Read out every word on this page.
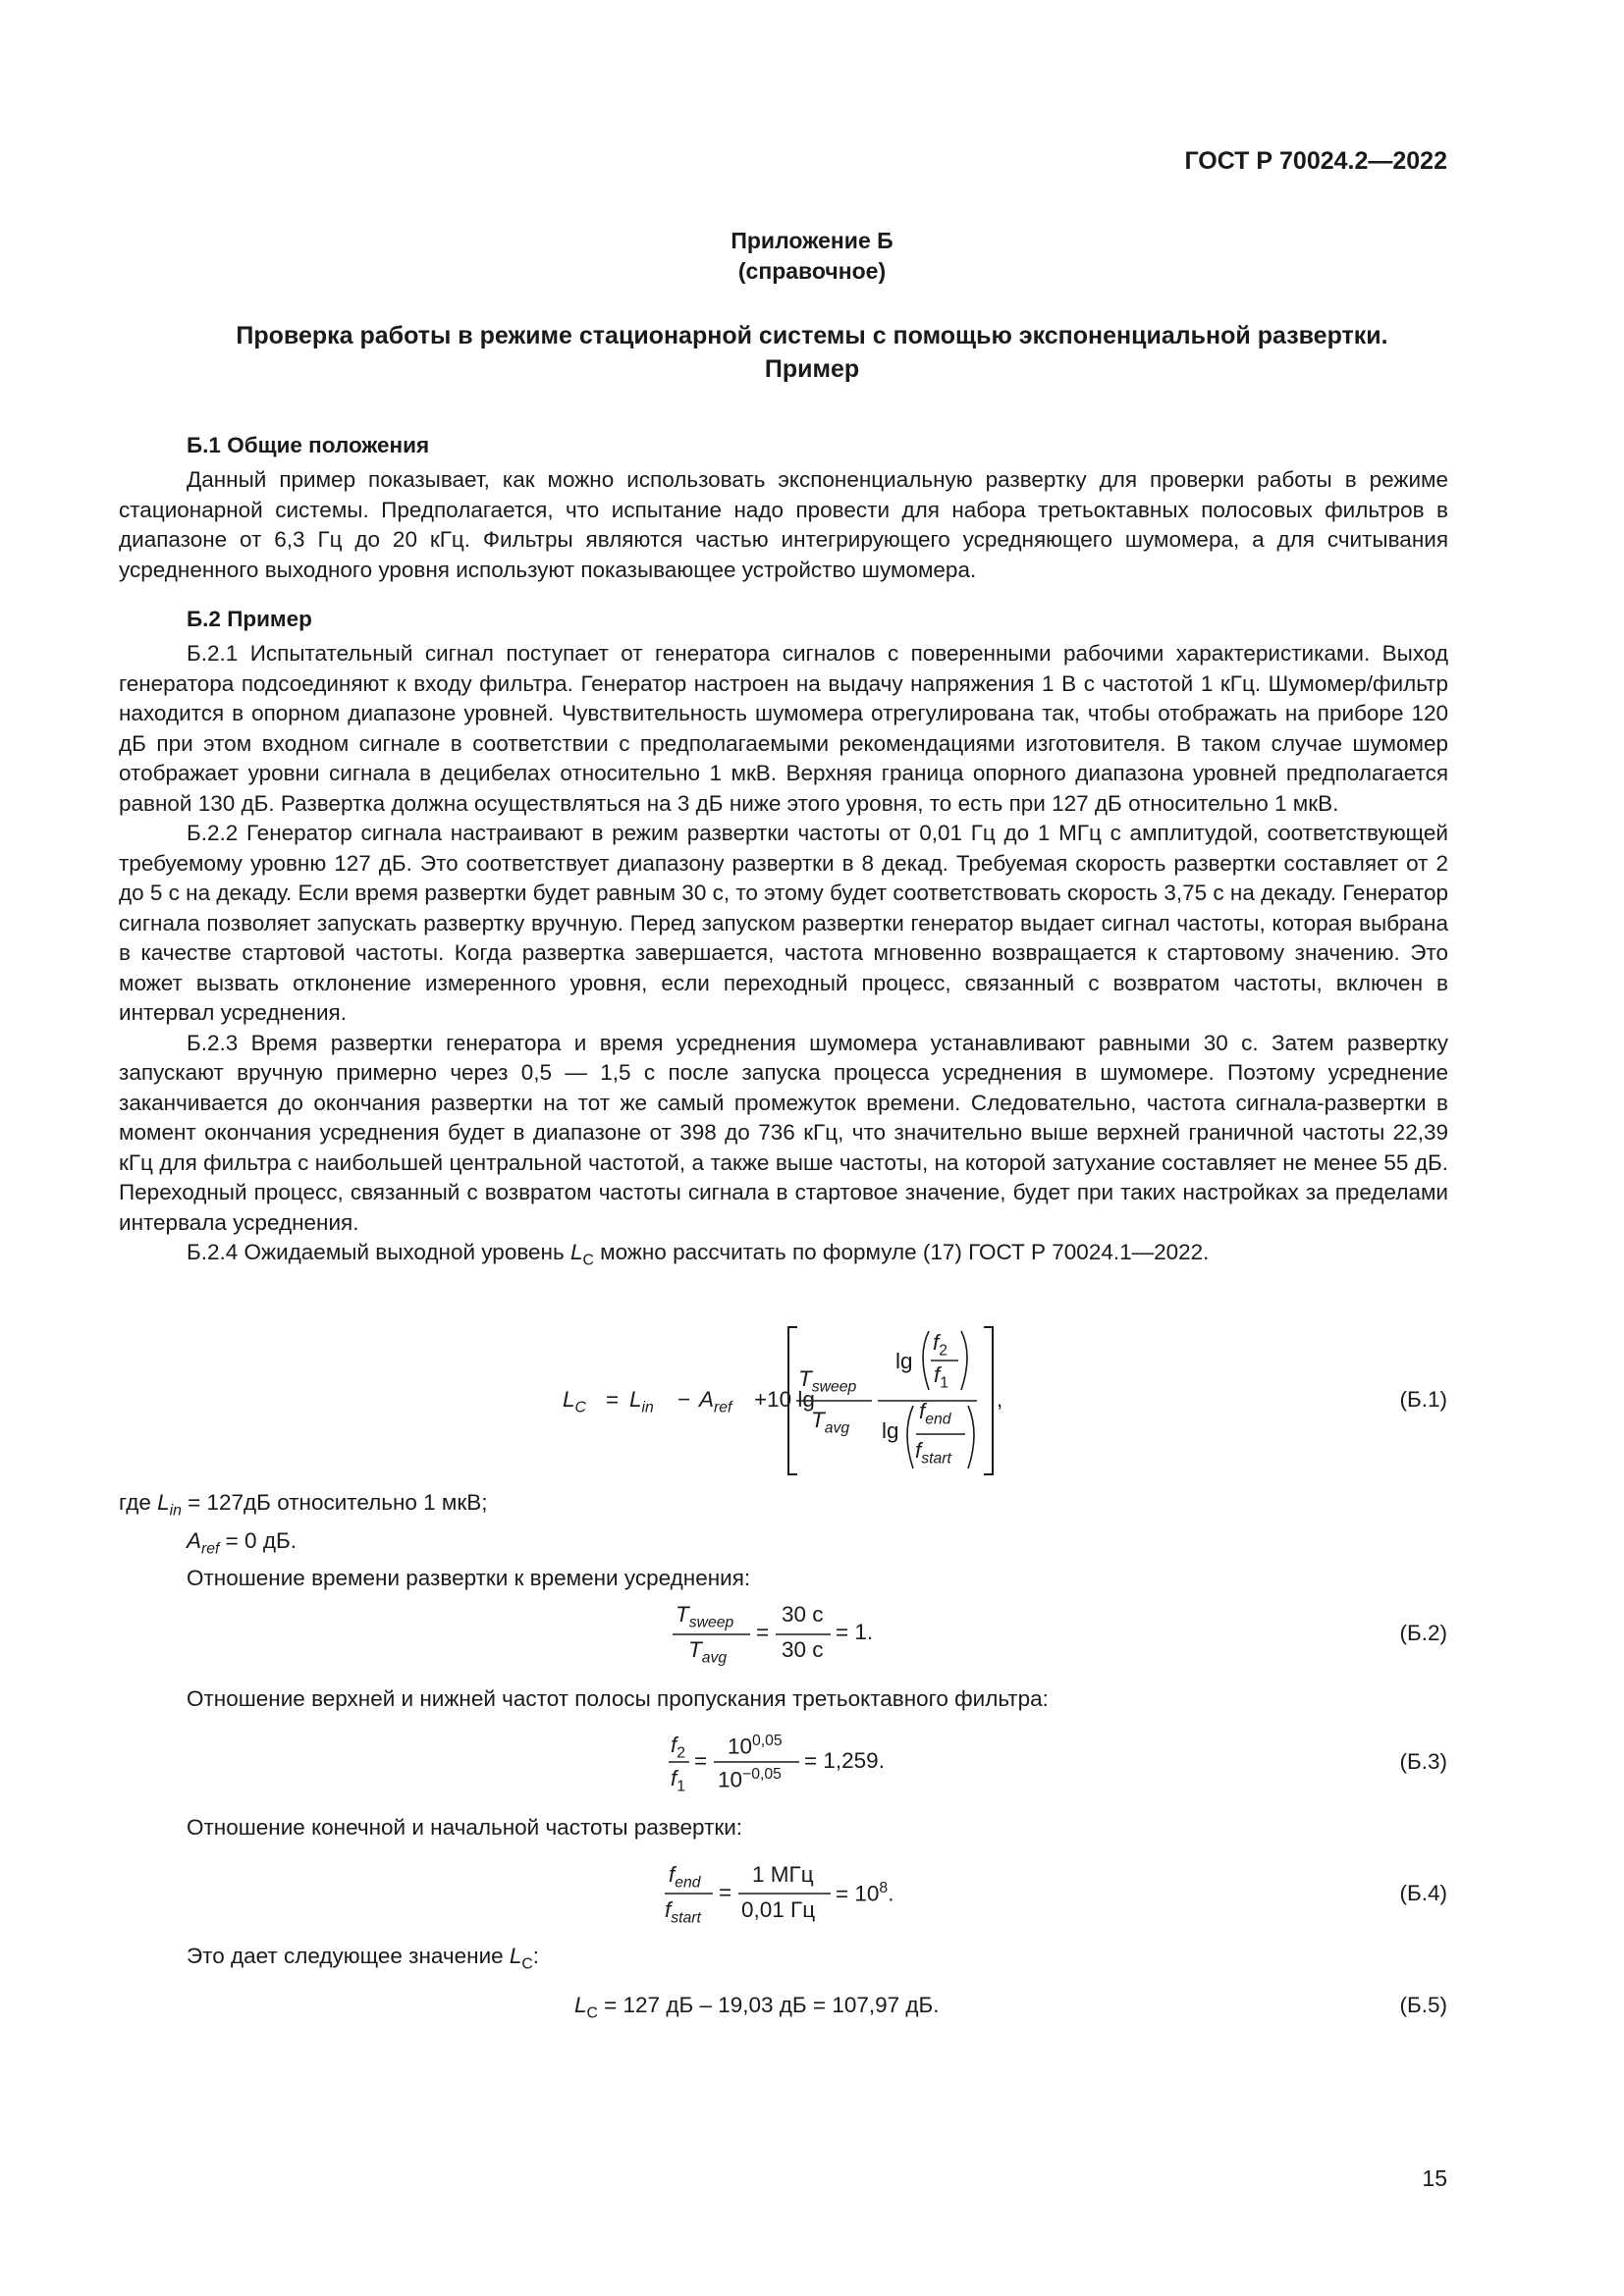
ГОСТ Р 70024.2—2022
Приложение Б
(справочное)
Проверка работы в режиме стационарной системы с помощью экспоненциальной развертки.
Пример
Б.1 Общие положения

Данный пример показывает, как можно использовать экспоненциальную развертку для проверки работы в режиме стационарной системы. Предполагается, что испытание надо провести для набора третьоктавных полосовых фильтров в диапазоне от 6,3 Гц до 20 кГц. Фильтры являются частью интегрирующего усредняющего шумомера, а для считывания усредненного выходного уровня используют показывающее устройство шумомера.

Б.2 Пример

Б.2.1 Испытательный сигнал поступает от генератора сигналов с поверенными рабочими характеристиками. Выход генератора подсоединяют к входу фильтра. Генератор настроен на выдачу напряжения 1 В с частотой 1 кГц. Шумомер/фильтр находится в опорном диапазоне уровней. Чувствительность шумомера отрегулирована так, чтобы отображать на приборе 120 дБ при этом входном сигнале в соответствии с предполагаемыми рекомендациями изготовителя. В таком случае шумомер отображает уровни сигнала в децибелах относительно 1 мкВ. Верхняя граница опорного диапазона уровней предполагается равной 130 дБ. Развертка должна осуществляться на 3 дБ ниже этого уровня, то есть при 127 дБ относительно 1 мкВ.

Б.2.2 Генератор сигнала настраивают в режим развертки частоты от 0,01 Гц до 1 МГц с амплитудой, соответствующей требуемому уровню 127 дБ. Это соответствует диапазону развертки в 8 декад. Требуемая скорость развертки составляет от 2 до 5 с на декаду. Если время развертки будет равным 30 с, то этому будет соответствовать скорость 3,75 с на декаду. Генератор сигнала позволяет запускать развертку вручную. Перед запуском развертки генератор выдает сигнал частоты, которая выбрана в качестве стартовой частоты. Когда развертка завершается, частота мгновенно возвращается к стартовому значению. Это может вызвать отклонение измеренного уровня, если переходный процесс, связанный с возвратом частоты, включен в интервал усреднения.

Б.2.3 Время развертки генератора и время усреднения шумомера устанавливают равными 30 с. Затем развертку запускают вручную примерно через 0,5 — 1,5 с после запуска процесса усреднения в шумомере. Поэтому усреднение заканчивается до окончания развертки на тот же самый промежуток времени. Следовательно, частота сигнала-развертки в момент окончания усреднения будет в диапазоне от 398 до 736 кГц, что значительно выше верхней граничной частоты 22,39 кГц для фильтра с наибольшей центральной частотой, а также выше частоты, на которой затухание составляет не менее 55 дБ. Переходный процесс, связанный с возвратом частоты сигнала в стартовое значение, будет при таких настройках за пределами интервала усреднения.

Б.2.4 Ожидаемый выходной уровень $L_C$ можно рассчитать по формуле (17) ГОСТ Р 70024.1—2022.

$L_C = L_{in} - A_{ref} +10$ lg
$T_{sweep}$
$T_{avg}$
lg
$f_2$
$f_1$
lg
$f_{end}$
$f_{start}$
,	(Б.1)
где $L_{in} = 127дБ$ относительно 1 мкВ;
$A_{ref} = 0$ дБ.
Отношение времени развертки к времени усреднения:
$T_{sweep}$
$T_{avg}$
=
30 с
30 с
= 1.	(Б.2)
Отношение верхней и нижней частот полосы пропускания третьоктавного фильтра:
$f_2$
$f_1$
=
$10^{0,05}$
$10^{-0,05}$
= 1,259.	(Б.3)
Отношение конечной и начальной частоты развертки:
$f_{end}$
$f_{start}$
=
1 МГц
0,01 Гц
= $10^8$.	(Б.4)
Это дает следующее значение $L_C$:
$L_C = 127$ дБ – 19,03 дБ = 107,97 дБ.	(Б.5)
15
